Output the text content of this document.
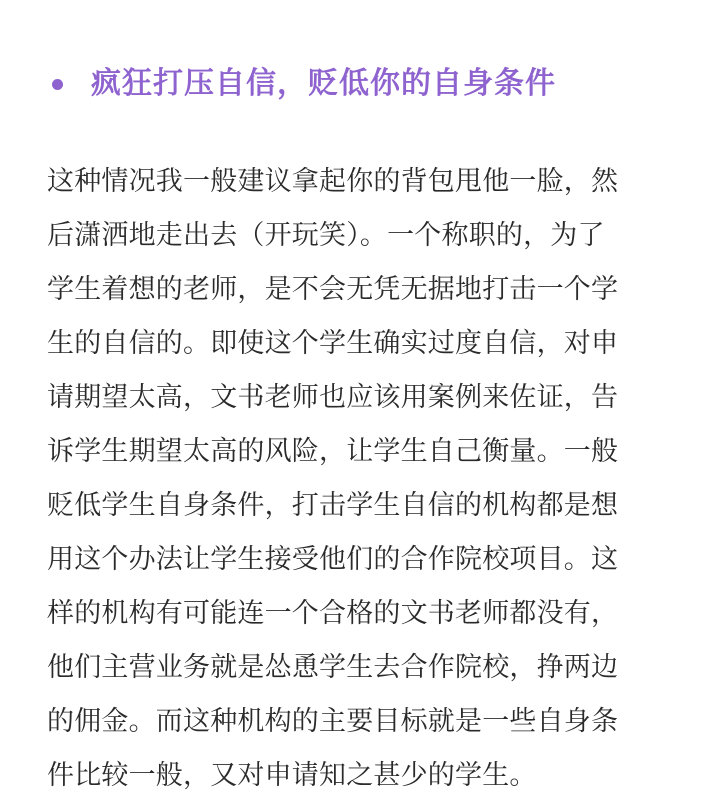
疯狂打压自信，贬低你的自身条件
这种情况我一般建议拿起你的背包甩他一脸，然
后潇洒地走出去（开玩笑）。一个称职的，为了
学生着想的老师，是不会无凭无据地打击一个学
生的自信的。即使这个学生确实过度自信，对申
请期望太高，文书老师也应该用案例来佐证，告
诉学生期望太高的风险，让学生自己衡量。一般
贬低学生自身条件，打击学生自信的机构都是想
用这个办法让学生接受他们的合作院校项目。这
样的机构有可能连一个合格的文书老师都没有，
他们主营业务就是怂恿学生去合作院校，挣两边
的佣金。而这种机构的主要目标就是一些自身条
件比较一般，又对申请知之甚少的学生。
